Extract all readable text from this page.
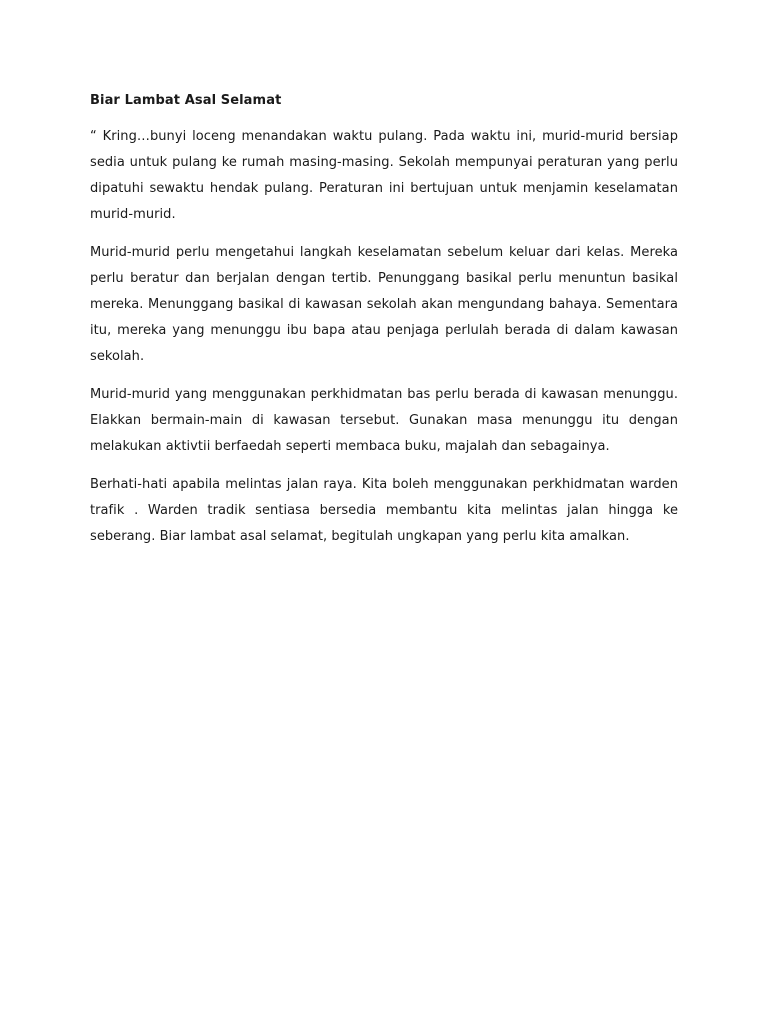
Biar Lambat Asal Selamat

“ Kring…bunyi loceng menandakan waktu pulang. Pada waktu ini, murid-murid bersiap sedia untuk pulang ke rumah masing-masing. Sekolah mempunyai peraturan yang perlu dipatuhi sewaktu hendak pulang. Peraturan ini bertujuan untuk menjamin keselamatan murid-murid.

Murid-murid perlu mengetahui langkah keselamatan sebelum keluar dari kelas. Mereka perlu beratur dan berjalan dengan tertib. Penunggang basikal perlu menuntun basikal mereka. Menunggang basikal di kawasan sekolah akan mengundang bahaya. Sementara itu, mereka yang menunggu ibu bapa atau penjaga perlulah berada di dalam kawasan sekolah.

Murid-murid yang menggunakan perkhidmatan bas perlu berada di kawasan menunggu. Elakkan bermain-main di kawasan tersebut. Gunakan masa menunggu itu dengan melakukan aktivtii berfaedah seperti membaca buku, majalah dan sebagainya.

Berhati-hati apabila melintas jalan raya. Kita boleh menggunakan perkhidmatan warden trafik . Warden tradik sentiasa bersedia membantu kita melintas jalan hingga ke seberang. Biar lambat asal selamat, begitulah ungkapan yang perlu kita amalkan.
